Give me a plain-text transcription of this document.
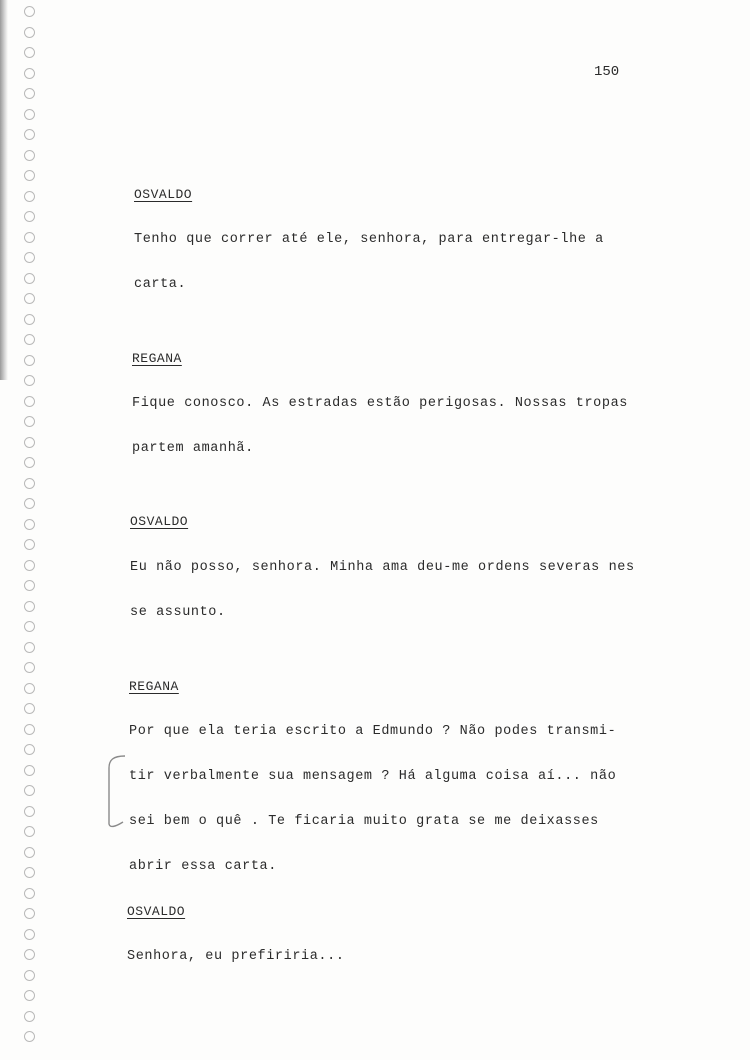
150
OSVALDO
Tenho que correr até ele, senhora, para entregar-lhe a
carta.
REGANA
Fique conosco. As estradas estão perigosas. Nossas tropas
partem amanhã.
OSVALDO
Eu não posso, senhora. Minha ama deu-me ordens severas nes
se assunto.
REGANA
Por que ela teria escrito a Edmundo ? Não podes transmi-
tir verbalmente sua mensagem ? Há alguma coisa aí... não
sei bem o quê . Te ficaria muito grata se me deixasses
abrir essa carta.
OSVALDO
Senhora, eu prefiriria...
